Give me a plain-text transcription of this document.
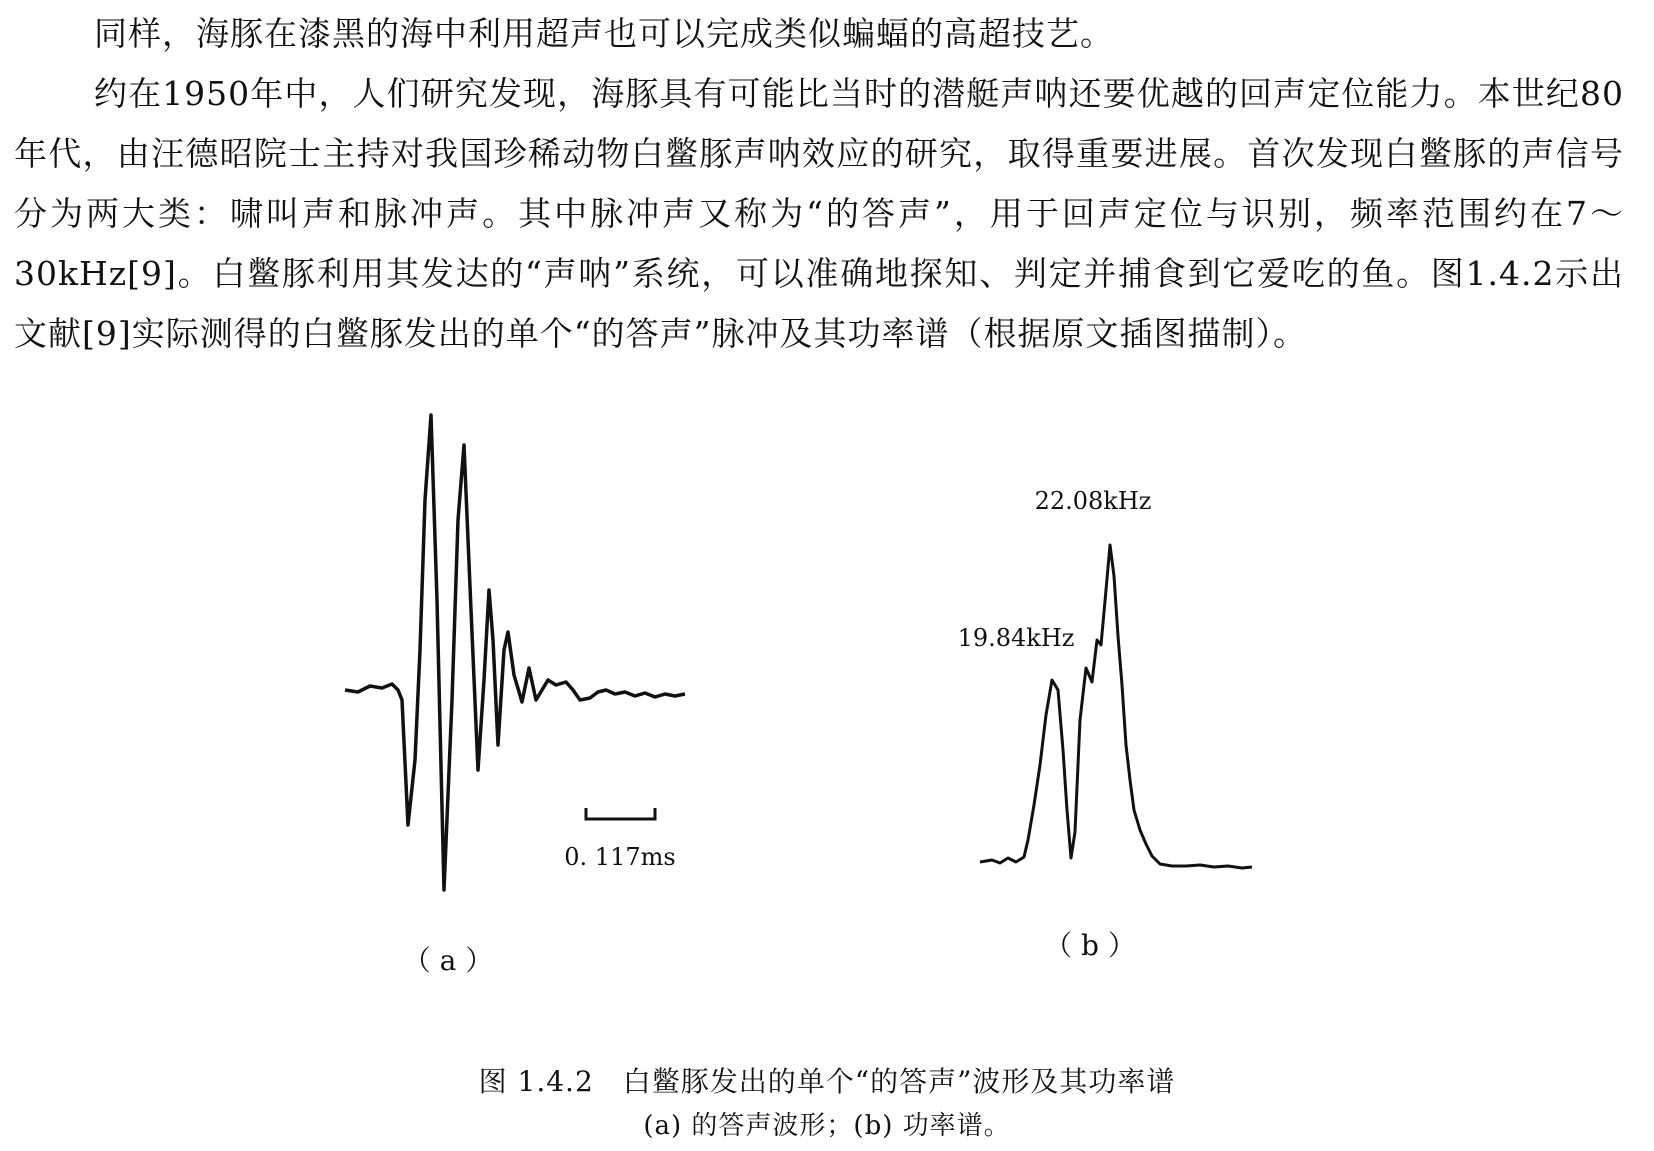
同样，海豚在漆黑的海中利用超声也可以完成类似蝙蝠的高超技艺。

约在1950年中，人们研究发现，海豚具有可能比当时的潜艇声呐还要优越的回声定位能力。本世纪80年代，由汪德昭院士主持对我国珍稀动物白鳖豚声呐效应的研究，取得重要进展。首次发现白鳖豚的声信号分为两大类：啸叫声和脉冲声。其中脉冲声又称为“的答声”，用于回声定位与识别，频率范围约在7～30kHz[9]。白鳖豚利用其发达的“声呐”系统，可以准确地探知、判定并捕食到它爱吃的鱼。图1.4.2示出文献[9]实际测得的白鳖豚发出的单个“的答声”脉冲及其功率谱（根据原文插图描制）。

0. 117ms
（ a ）
19.84kHz
22.08kHz
（ b ）
图 1.4.2　白鳖豚发出的单个“的答声”波形及其功率谱
(a) 的答声波形；(b) 功率谱。
